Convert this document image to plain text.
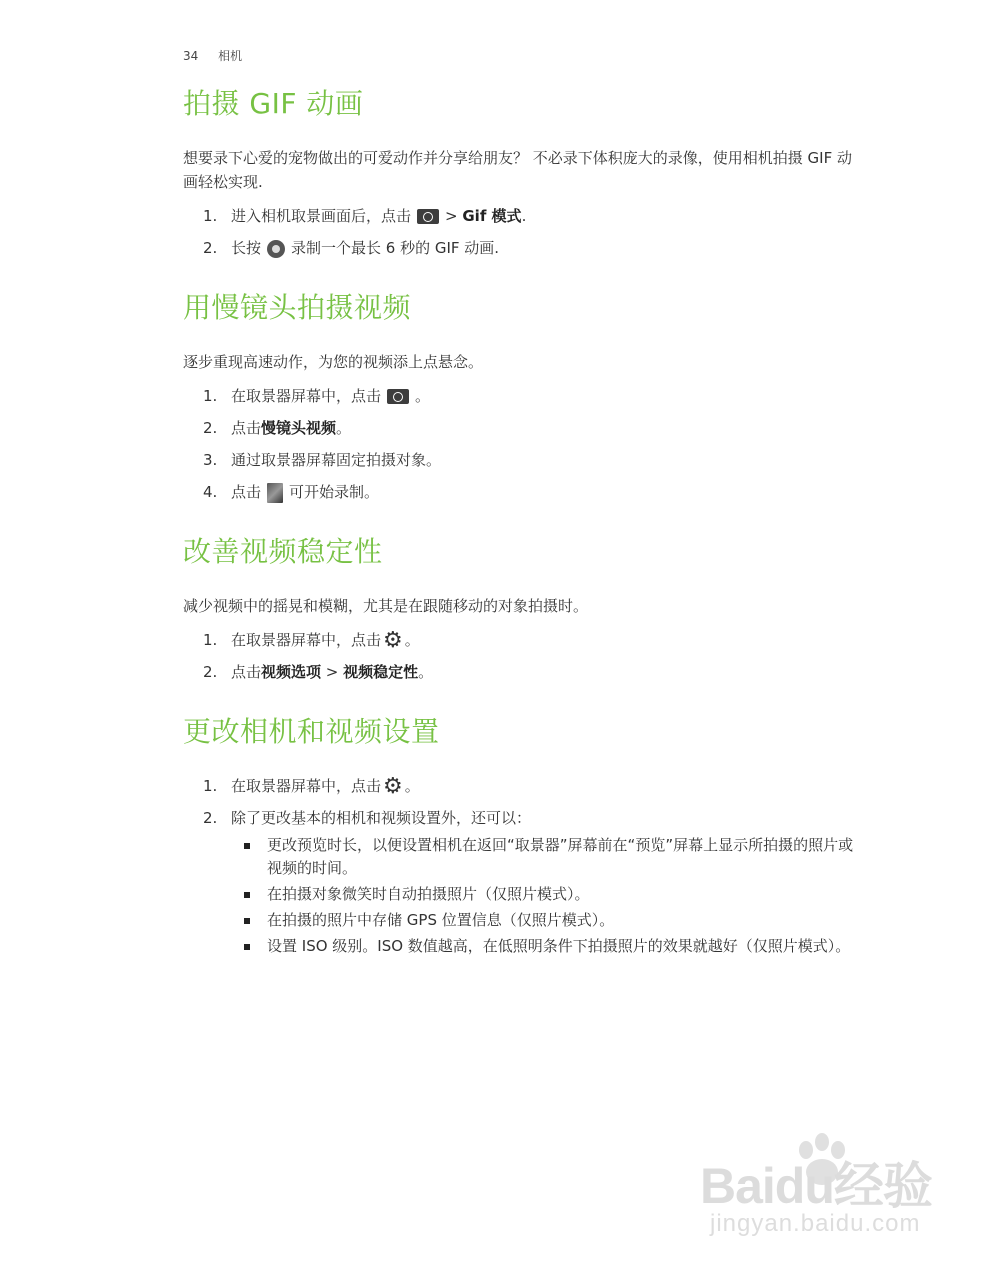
34 相机
拍摄 GIF 动画

想要录下心爱的宠物做出的可爱动作并分享给朋友？ 不必录下体积庞大的录像，使用相机拍摄 GIF 动画轻松实现.

1. 进入相机取景画面后，点击 > Gif 模式.
2. 长按 录制一个最长 6 秒的 GIF 动画.
用慢镜头拍摄视频

逐步重现高速动作，为您的视频添上点悬念。

1. 在取景器屏幕中，点击 。
2. 点击慢镜头视频。
3. 通过取景器屏幕固定拍摄对象。
4. 点击 可开始录制。
改善视频稳定性

减少视频中的摇晃和模糊，尤其是在跟随移动的对象拍摄时。

1. 在取景器屏幕中，点击⚙ 。
2. 点击视频选项 > 视频稳定性。
更改相机和视频设置
1. 在取景器屏幕中，点击⚙ 。
2. 除了更改基本的相机和视频设置外，还可以：
更改预览时长，以便设置相机在返回“取景器”屏幕前在“预览”屏幕上显示所拍摄的照片或视频的时间。
在拍摄对象微笑时自动拍摄照片（仅照片模式）。
在拍摄的照片中存储 GPS 位置信息（仅照片模式）。
设置 ISO 级别。ISO 数值越高，在低照明条件下拍摄照片的效果就越好（仅照片模式）。
Baidu经验
jingyan.baidu.com
